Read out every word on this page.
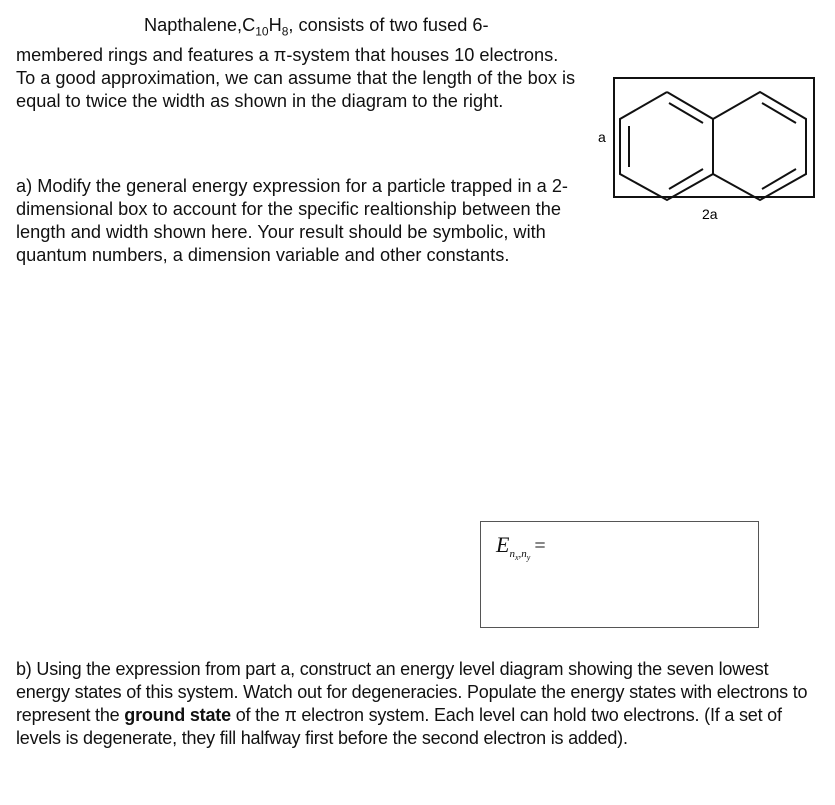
$Napthalene,C_{10}H_8$, consists of two fused 6-
membered rings and features a π-system that houses 10 electrons. To a good approximation, we can assume that the length of the box is equal to twice the width as shown in the diagram to the right.
a
2a
a) Modify the general energy expression for a particle trapped in a 2-dimensional box to account for the specific realtionship between the length and width shown here. Your result should be symbolic, with quantum numbers, a dimension variable and other constants.
$E_{n_x,n_y}=$
b) Using the expression from part a, construct an energy level diagram showing the seven lowest energy states of this system. Watch out for degeneracies. Populate the energy states with electrons to represent the ground state of the π electron system. Each level can hold two electrons. (If a set of levels is degenerate, they fill halfway first before the second electron is added).
